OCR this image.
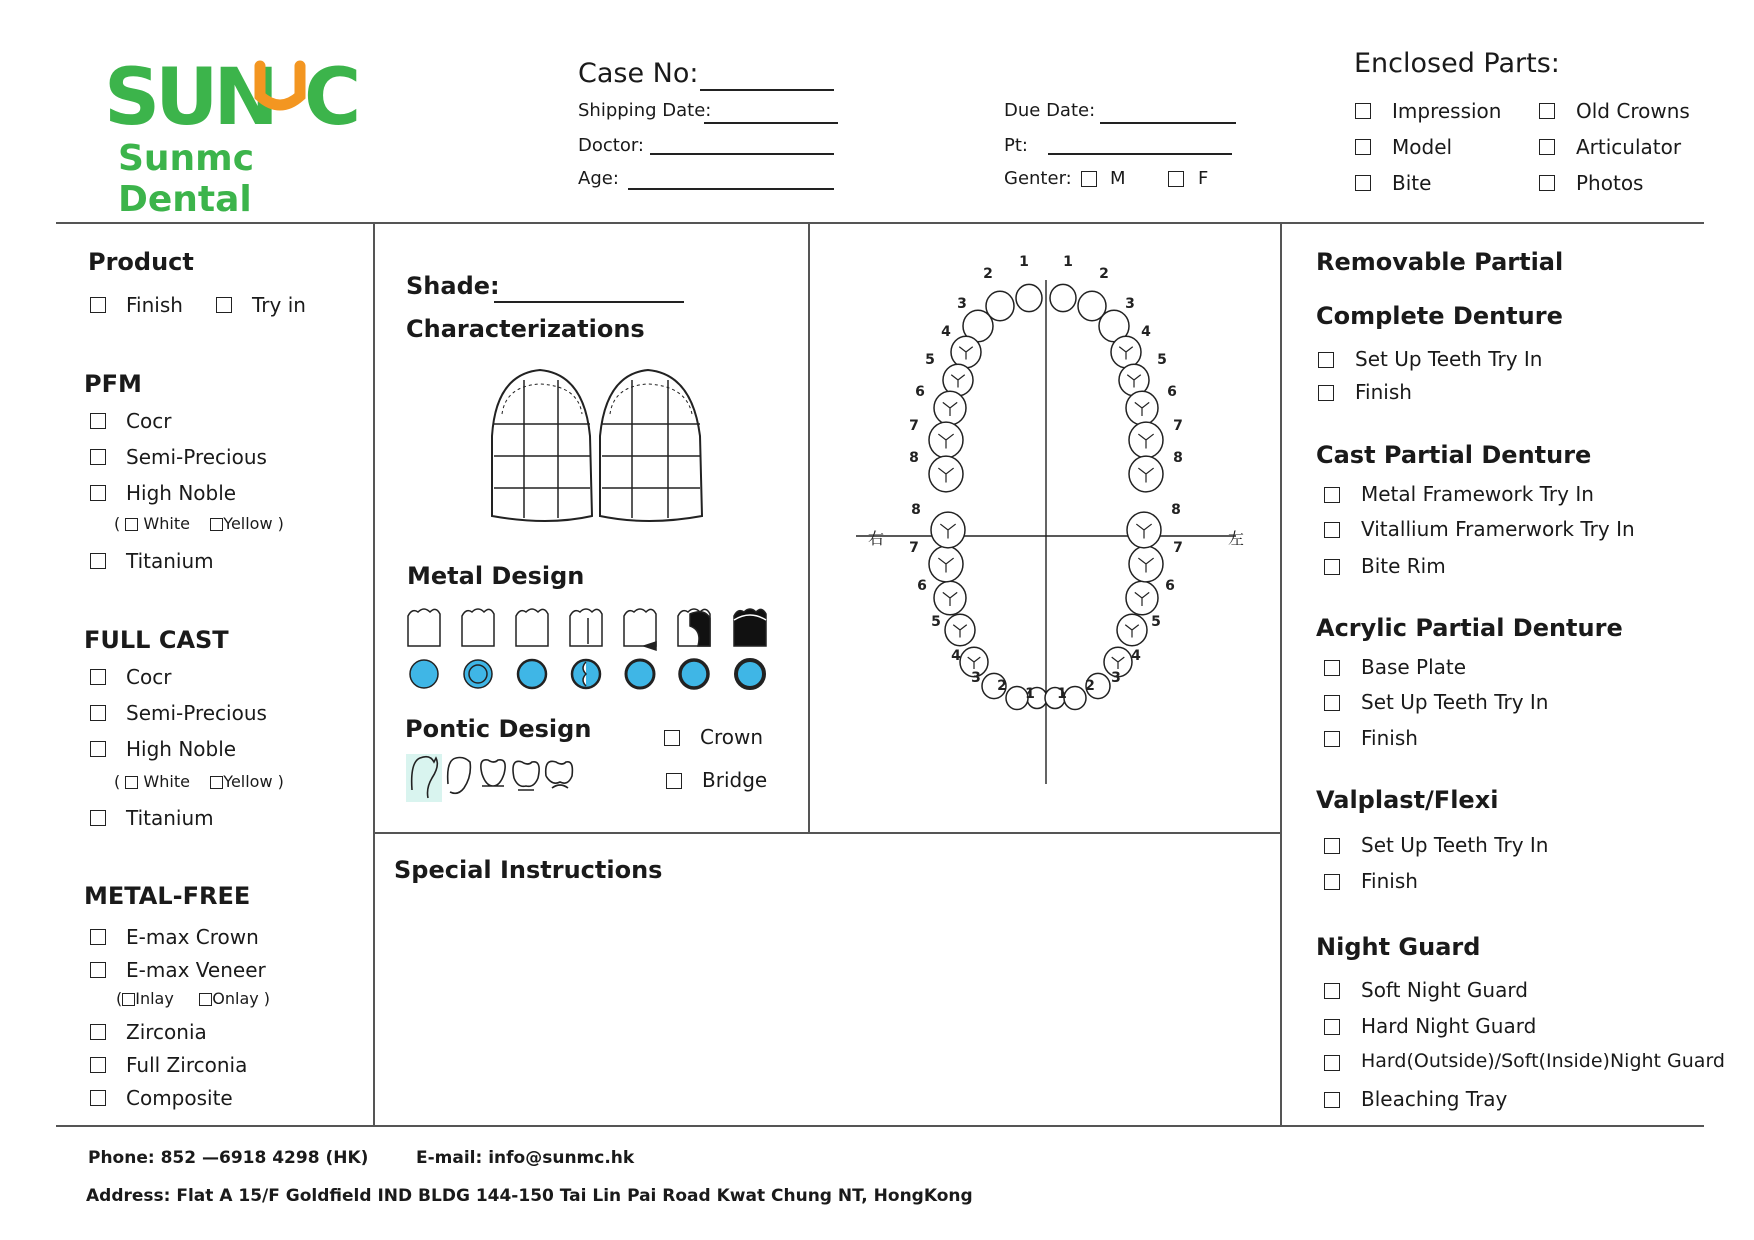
SUN C
Sunmc Dental
Case No:
Shipping Date:
Doctor:
Age:
Due Date:
Pt:
Genter: M	F
Enclosed Parts:
Impression	Old Crowns
Model	Articulator
Bite	Photos
Product
Finish	Try in
PFM
Cocr
Semi-Precious
High Noble
(  White Yellow )
Titanium
FULL CAST
Cocr
Semi-Precious
High Noble
(  White Yellow )
Titanium
METAL-FREE
E-max Crown
E-max Veneer
( Inlay Onlay )
Zirconia
Full Zirconia
Composite
Shade:
Characterizations
Metal Design
Pontic Design	Crown
Bridge
Special Instructions
右	左
1 1
2	2
3	3
4	4
5	5
6	6
7	7
8	8
1 1
2	2
3	3
4	4
5	5
6	6
7	7
8	8
Removable Partial
Complete Denture
Set Up Teeth Try In
Finish
Cast Partial Denture
Metal Framework Try In
Vitallium Framerwork Try In
Bite Rim
Acrylic Partial Denture
Base Plate
Set Up Teeth Try In
Finish
Valplast/Flexi
Set Up Teeth Try In
Finish
Night Guard
Soft Night Guard
Hard Night Guard
Hard(Outside)/Soft(Inside)Night Guard
Bleaching Tray
Phone: 852 —6918 4298 (HK)	E-mail: info@sunmc.hk
Address: Flat A 15/F Goldfield IND BLDG 144-150 Tai Lin Pai Road Kwat Chung NT, HongKong
